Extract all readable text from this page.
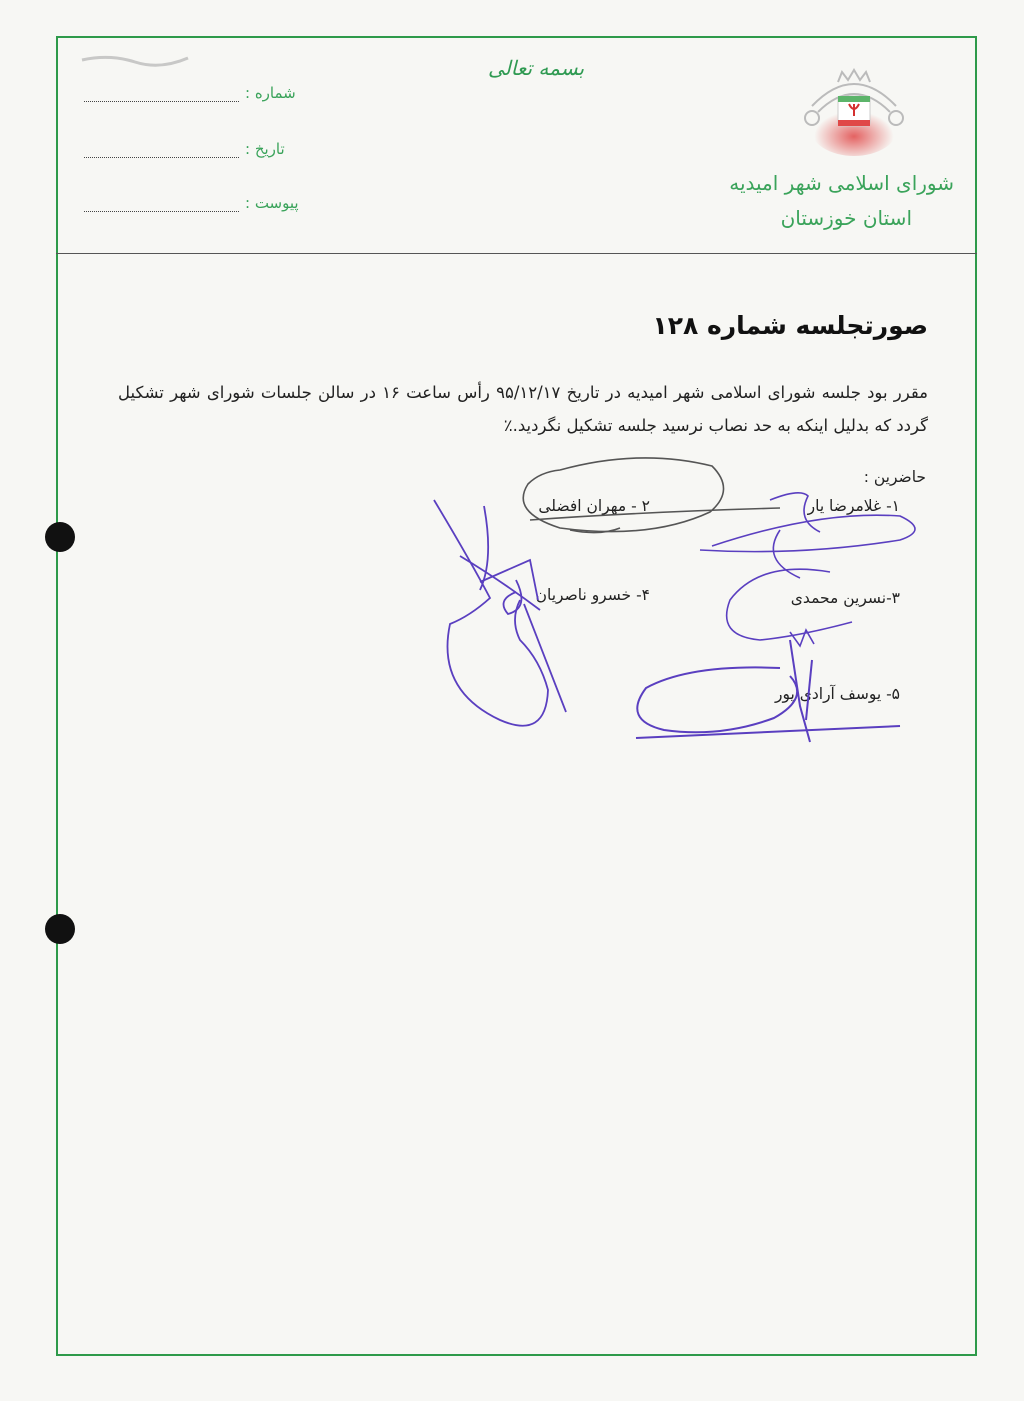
شماره :
تاریخ :
پیوست :
بسمه تعالی
شورای اسلامی شهر امیدیه
استان خوزستان
صورتجلسه شماره ۱۲۸
مقرر بود جلسه شورای اسلامی شهر امیدیه در تاریخ ۹۵/۱۲/۱۷ رأس ساعت ۱۶ در سالن جلسات شورای شهر تشکیل گردد که بدلیل اینکه به حد نصاب نرسید جلسه تشکیل نگردید.٪
حاضرین :
۱- غلامرضا یار
۲ - مهران افضلی
۳-نسرین محمدی
۴- خسرو ناصریان
۵- یوسف آرادی پور
